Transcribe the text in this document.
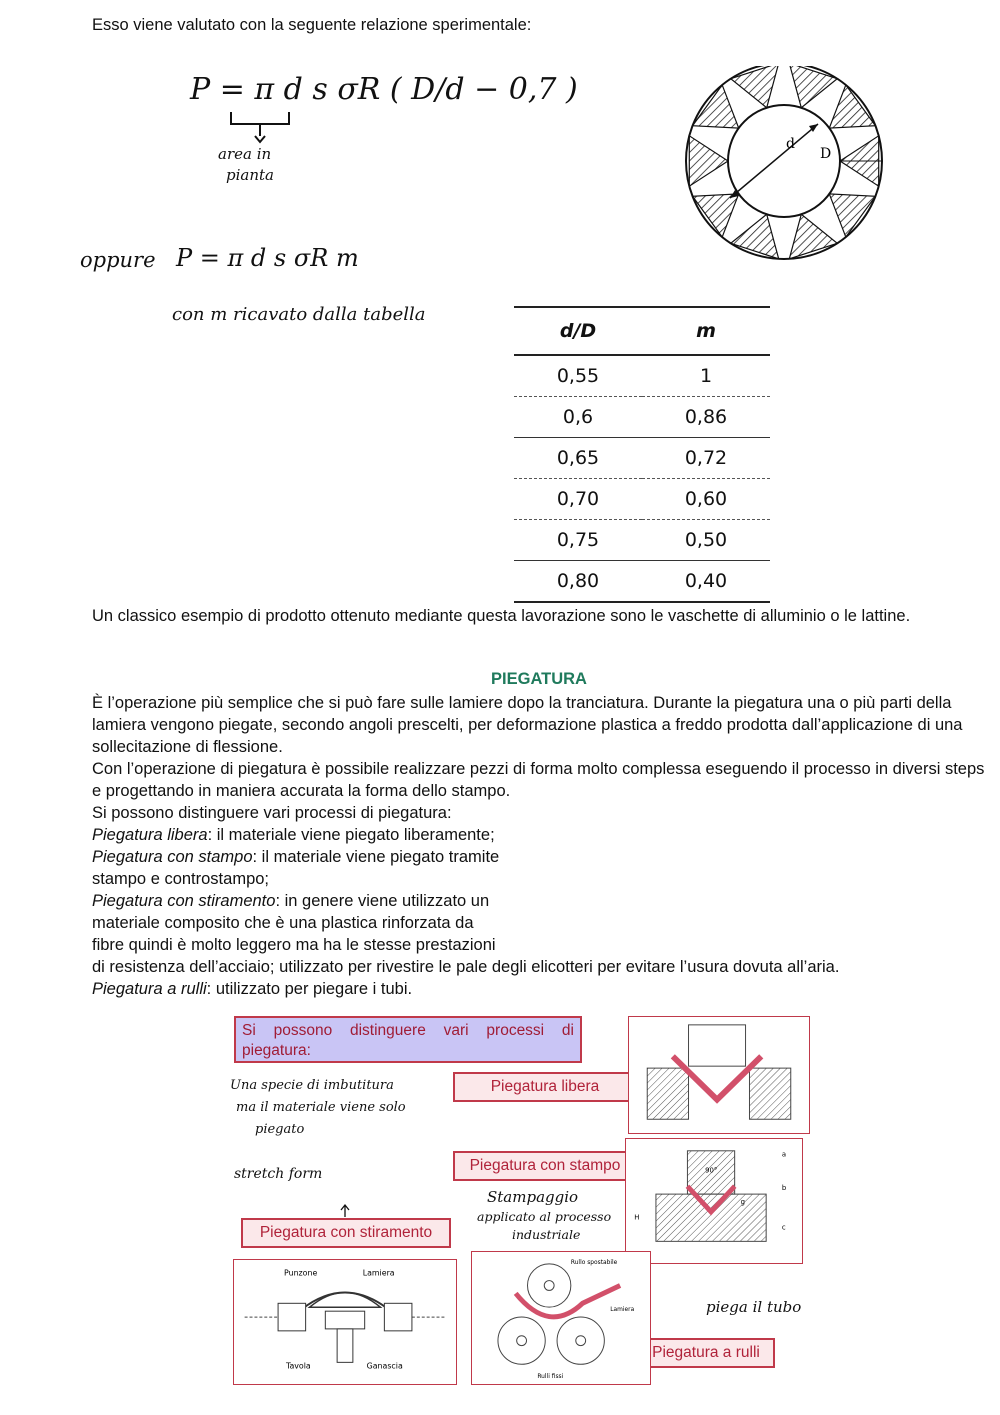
Esso viene valutato con la seguente relazione sperimentale:
P = π d s σR ( D/d − 0,7 )
area in
pianta
d
D
oppure P = π d s σR m
con m ricavato dalla tabella
d/D	m
0,55	1
0,6	0,86
0,65	0,72
0,70	0,60
0,75	0,50
0,80	0,40
Un classico esempio di prodotto ottenuto mediante questa lavorazione sono le vaschette di alluminio o le lattine.
PIEGATURA
È l’operazione più semplice che si può fare sulle lamiere dopo la tranciatura. Durante la piegatura una o più parti della lamiera vengono piegate, secondo angoli prescelti, per deformazione plastica a freddo prodotta dall’applicazione di una sollecitazione di flessione.
Con l’operazione di piegatura è possibile realizzare pezzi di forma molto complessa eseguendo il processo in diversi steps e progettando in maniera accurata la forma dello stampo.
Si possono distinguere vari processi di piegatura:
Piegatura libera: il materiale viene piegato liberamente;
Piegatura con stampo: il materiale viene piegato tramite
stampo e controstampo;
Piegatura con stiramento: in genere viene utilizzato un
materiale composito che è una plastica rinforzata da
fibre quindi è molto leggero ma ha le stesse prestazioni
di resistenza dell’acciaio; utilizzato per rivestire le pale degli elicotteri per evitare l’usura dovuta all’aria.
Piegatura a rulli: utilizzato per piegare i tubi.
Si possono distinguere vari processi di piegatura:
Piegatura libera
Piegatura con stampo
Piegatura con stiramento
Piegatura a rulli
Una specie di imbutitura
ma il materiale viene solo
piegato
stretch form
Stampaggio
applicato al processo
industriale
piega il tubo
90°
a
b
c
H
g
Punzone	Lamiera
Tavola	Ganascia
Rullo spostabile
Lamiera
Rulli fissi
